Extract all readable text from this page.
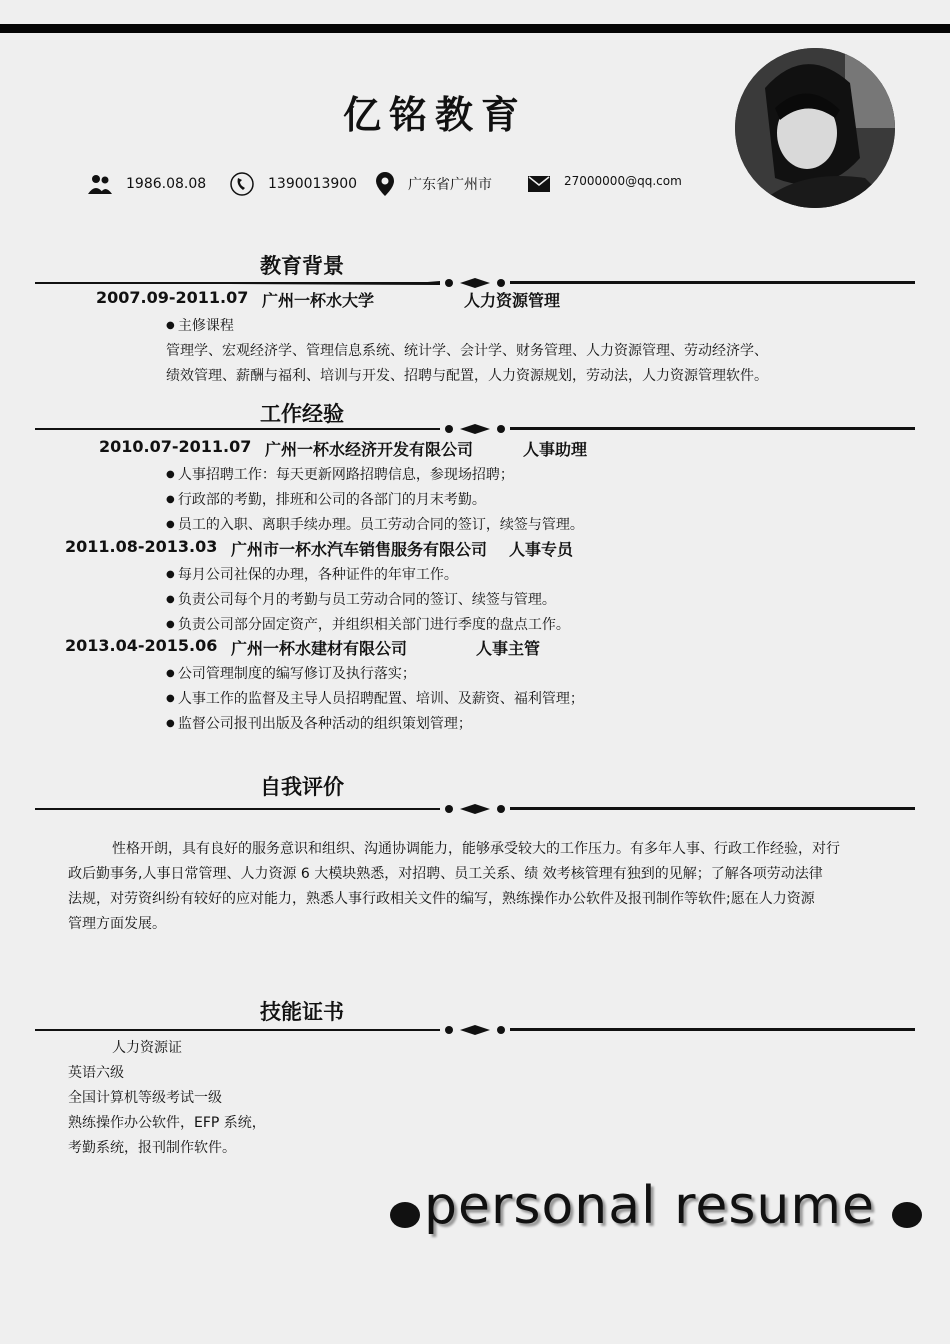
亿铭教育
1986.08.08	1390013900	广东省广州市	27000000@qq.com
教育背景
2007.09-2011.07 广州一杯水大学	人力资源管理
● 主修课程
管理学、宏观经济学、管理信息系统、统计学、会计学、财务管理、人力资源管理、劳动经济学、
绩效管理、薪酬与福利、培训与开发、招聘与配置，人力资源规划，劳动法，人力资源管理软件。
工作经验
2010.07-2011.07 广州一杯水经济开发有限公司	人事助理
● 人事招聘工作：每天更新网路招聘信息，参现场招聘；
● 行政部的考勤，排班和公司的各部门的月末考勤。
● 员工的入职、离职手续办理。员工劳动合同的签订，续签与管理。
2011.08-2013.03 广州市一杯水汽车销售服务有限公司 人事专员
● 每月公司社保的办理，各种证件的年审工作。
● 负责公司每个月的考勤与员工劳动合同的签订、续签与管理。
● 负责公司部分固定资产，并组织相关部门进行季度的盘点工作。
2013.04-2015.06 广州一杯水建材有限公司	人事主管
● 公司管理制度的编写修订及执行落实；
● 人事工作的监督及主导人员招聘配置、培训、及薪资、福利管理；
● 监督公司报刊出版及各种活动的组织策划管理；
自我评价
性格开朗，具有良好的服务意识和组织、沟通协调能力，能够承受较大的工作压力。有多年人事、行政工作经验，对行
政后勤事务,人事日常管理、人力资源 6 大模块熟悉，对招聘、员工关系、绩 效考核管理有独到的见解；了解各项劳动法律
法规，对劳资纠纷有较好的应对能力，熟悉人事行政相关文件的编写，熟练操作办公软件及报刊制作等软件;愿在人力资源
管理方面发展。
技能证书
人力资源证
英语六级
全国计算机等级考试一级
熟练操作办公软件，EFP 系统，
考勤系统，报刊制作软件。
personal resume
